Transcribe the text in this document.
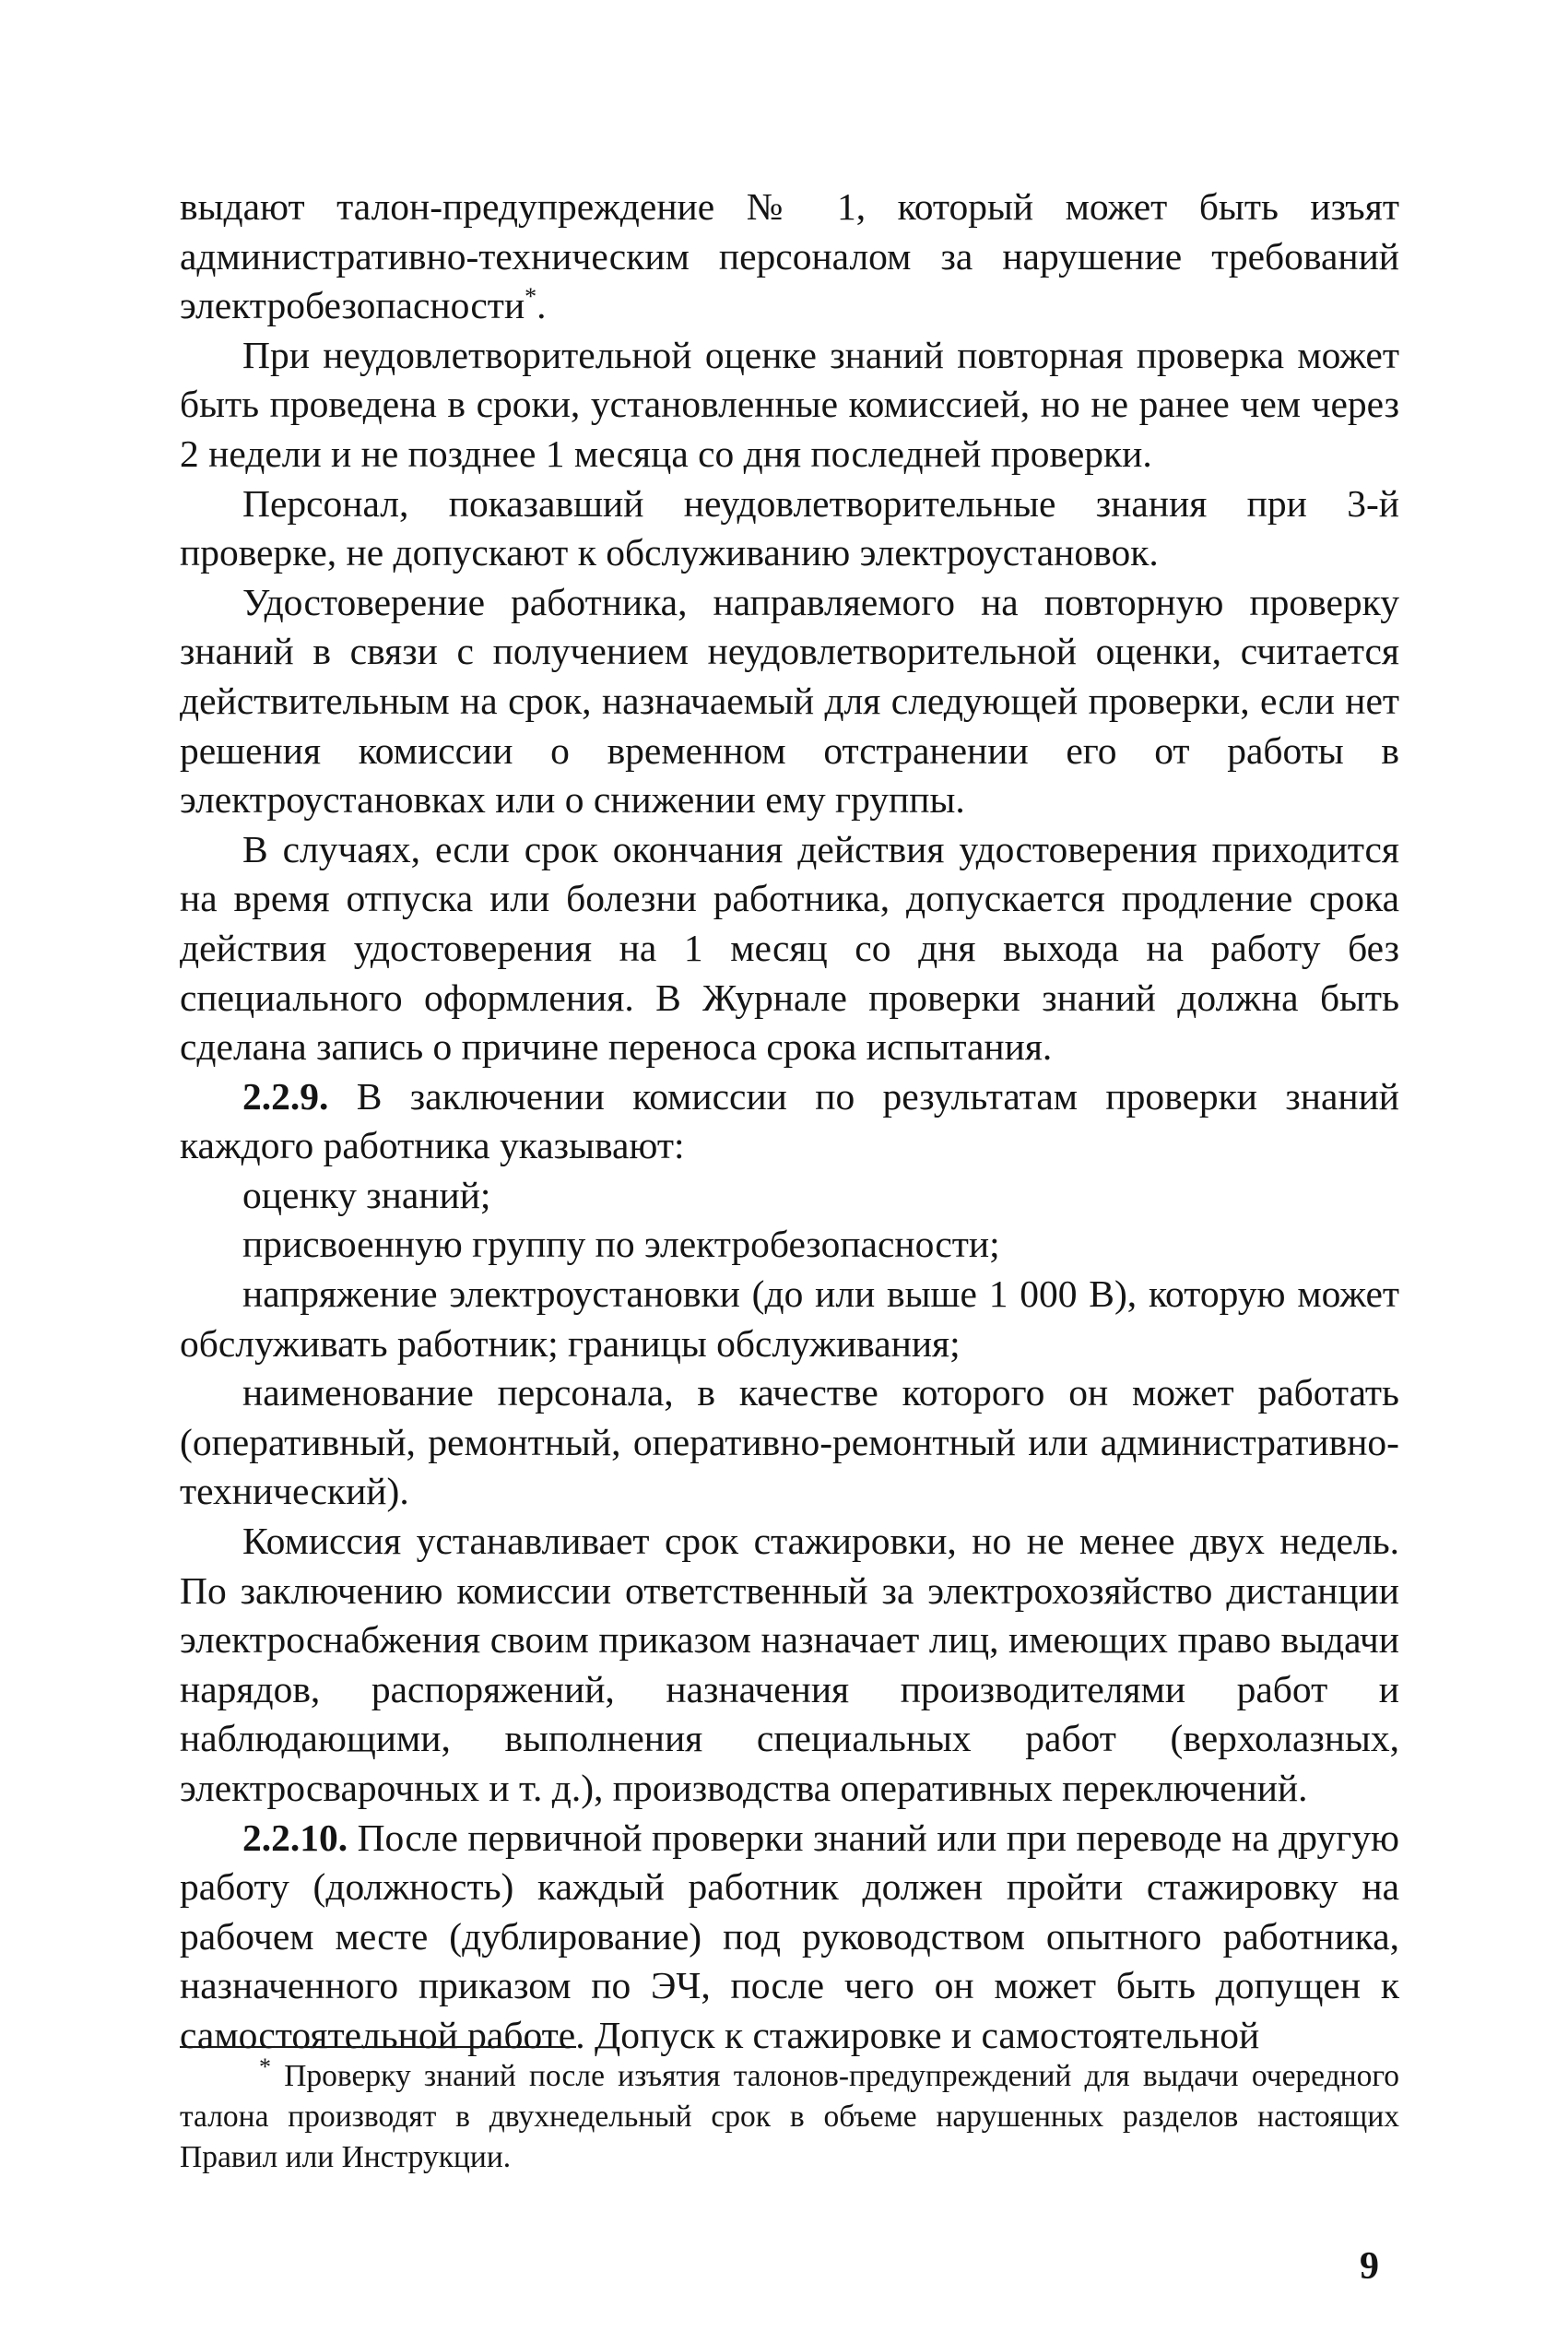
выдают талон-предупреждение № 1, который может быть изъят административно-техническим персоналом за нарушение требований электробезопасности*.

При неудовлетворительной оценке знаний повторная проверка может быть проведена в сроки, установленные комиссией, но не ранее чем через 2 недели и не позднее 1 месяца со дня последней проверки.

Персонал, показавший неудовлетворительные знания при 3-й проверке, не допускают к обслуживанию электроустановок.

Удостоверение работника, направляемого на повторную проверку знаний в связи с получением неудовлетворительной оценки, считается действительным на срок, назначаемый для следующей проверки, если нет решения комиссии о временном отстранении его от работы в электроустановках или о снижении ему группы.

В случаях, если срок окончания действия удостоверения приходится на время отпуска или болезни работника, допускается продление срока действия удостоверения на 1 месяц со дня выхода на работу без специального оформления. В Журнале проверки знаний должна быть сделана запись о причине переноса срока испытания.

2.2.9. В заключении комиссии по результатам проверки знаний каждого работника указывают:

оценку знаний;

присвоенную группу по электробезопасности;

напряжение электроустановки (до или выше 1 000 В), которую может обслуживать работник; границы обслуживания;

наименование персонала, в качестве которого он может работать (оперативный, ремонтный, оперативно-ремонтный или административно-технический).

Комиссия устанавливает срок стажировки, но не менее двух недель. По заключению комиссии ответственный за электрохозяйство дистанции электроснабжения своим приказом назначает лиц, имеющих право выдачи нарядов, распоряжений, назначения производителями работ и наблюдающими, выполнения специальных работ (верхолазных, электросварочных и т. д.), производства оперативных переключений.

2.2.10. После первичной проверки знаний или при переводе на другую работу (должность) каждый работник должен пройти стажировку на рабочем месте (дублирование) под руководством опытного работника, назначенного приказом по ЭЧ, после чего он может быть допущен к самостоятельной работе. Допуск к стажировке и самостоятельной

* Проверку знаний после изъятия талонов-предупреждений для выдачи очередного талона производят в двухнедельный срок в объеме нарушенных разделов настоящих Правил или Инструкции.

9
